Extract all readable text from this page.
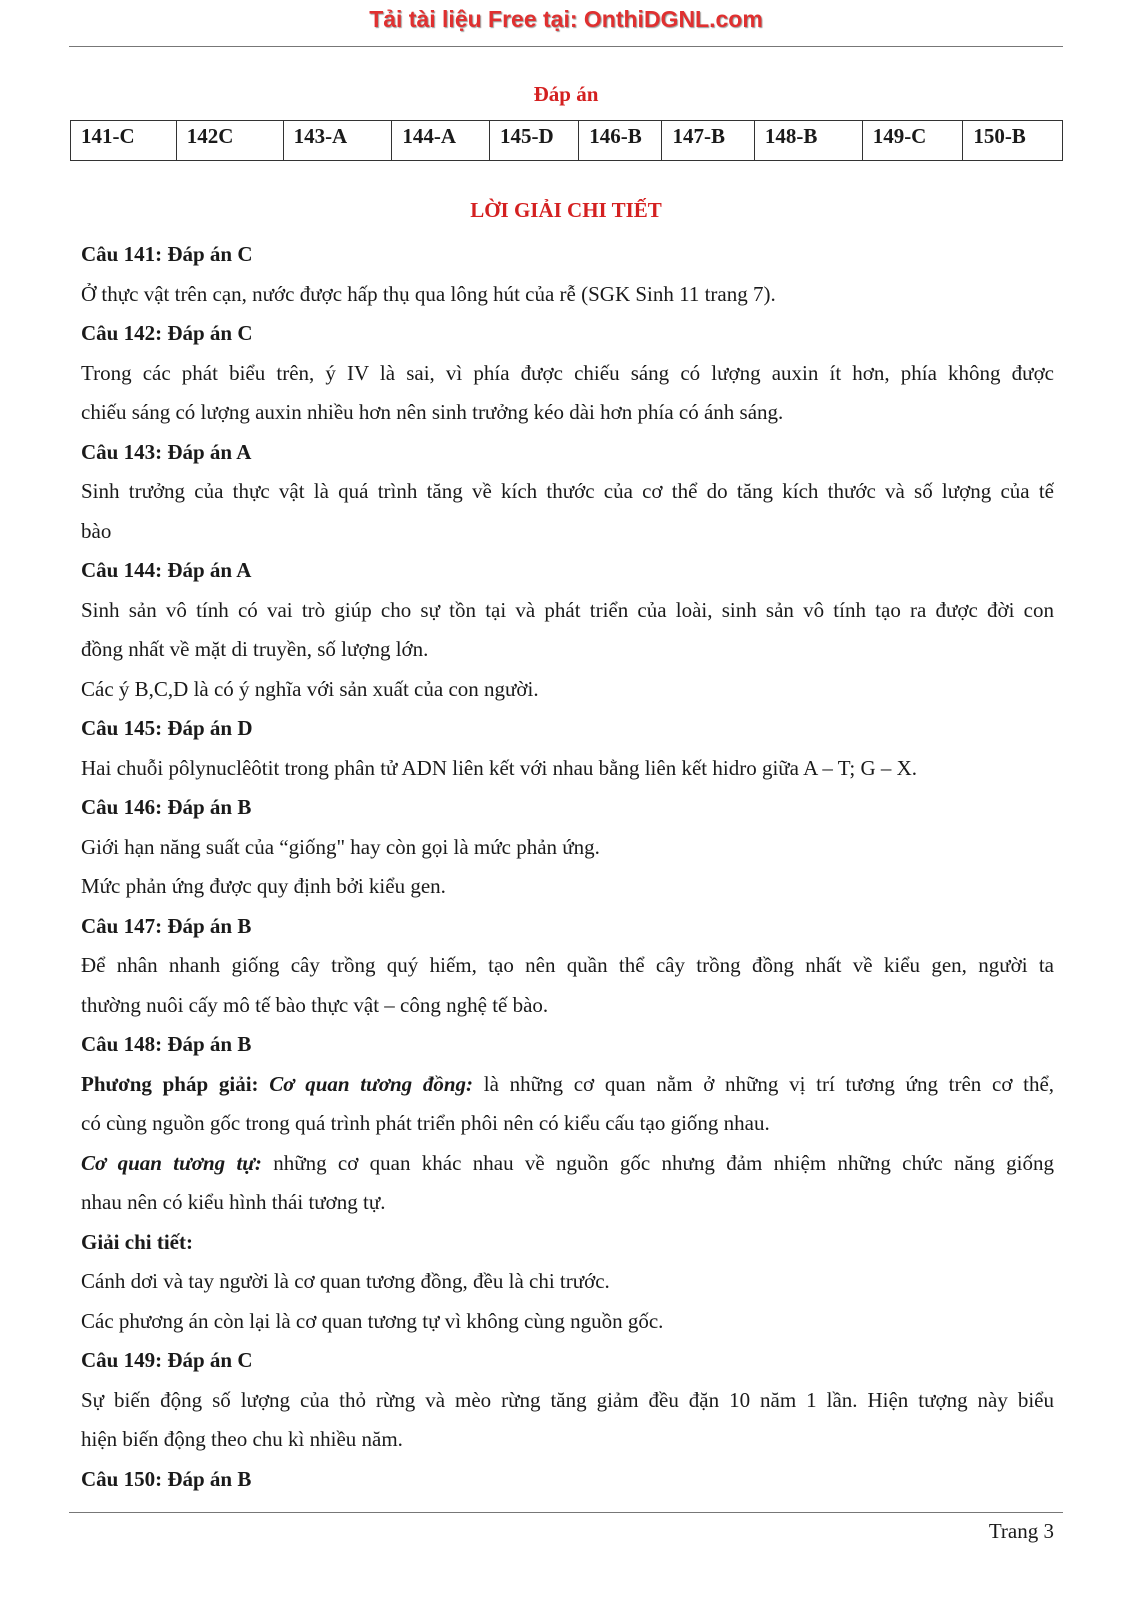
Tải tài liệu Free tại: OnthiDGNL.com
Đáp án
141-C	142C	143-A	144-A	145-D	146-B	147-B	148-B	149-C	150-B
LỜI GIẢI CHI TIẾT
Câu 141: Đáp án C
Ở thực vật trên cạn, nước được hấp thụ qua lông hút của rễ (SGK Sinh 11 trang 7).
Câu 142: Đáp án C
Trong các phát biểu trên, ý IV là sai, vì phía được chiếu sáng có lượng auxin ít hơn, phía không được
chiếu sáng có lượng auxin nhiều hơn nên sinh trưởng kéo dài hơn phía có ánh sáng.
Câu 143: Đáp án A
Sinh trưởng của thực vật là quá trình tăng về kích thước của cơ thể do tăng kích thước và số lượng của tế
bào
Câu 144: Đáp án A
Sinh sản vô tính có vai trò giúp cho sự tồn tại và phát triển của loài, sinh sản vô tính tạo ra được đời con
đồng nhất về mặt di truyền, số lượng lớn.
Các ý B,C,D là có ý nghĩa với sản xuất của con người.
Câu 145: Đáp án D
Hai chuỗi pôlynuclêôtit trong phân tử ADN liên kết với nhau bằng liên kết hidro giữa A – T; G – X.
Câu 146: Đáp án B
Giới hạn năng suất của “giống" hay còn gọi là mức phản ứng.
Mức phản ứng được quy định bởi kiểu gen.
Câu 147: Đáp án B
Để nhân nhanh giống cây trồng quý hiếm, tạo nên quần thể cây trồng đồng nhất về kiểu gen, người ta
thường nuôi cấy mô tế bào thực vật – công nghệ tế bào.
Câu 148: Đáp án B
Phương pháp giải: Cơ quan tương đồng: là những cơ quan nằm ở những vị trí tương ứng trên cơ thể,
có cùng nguồn gốc trong quá trình phát triển phôi nên có kiểu cấu tạo giống nhau.
Cơ quan tương tự: những cơ quan khác nhau về nguồn gốc nhưng đảm nhiệm những chức năng giống
nhau nên có kiểu hình thái tương tự.
Giải chi tiết:
Cánh dơi và tay người là cơ quan tương đồng, đều là chi trước.
Các phương án còn lại là cơ quan tương tự vì không cùng nguồn gốc.
Câu 149: Đáp án C
Sự biến động số lượng của thỏ rừng và mèo rừng tăng giảm đều đặn 10 năm 1 lần. Hiện tượng này biểu
hiện biến động theo chu kì nhiều năm.
Câu 150: Đáp án B
Trang 3
